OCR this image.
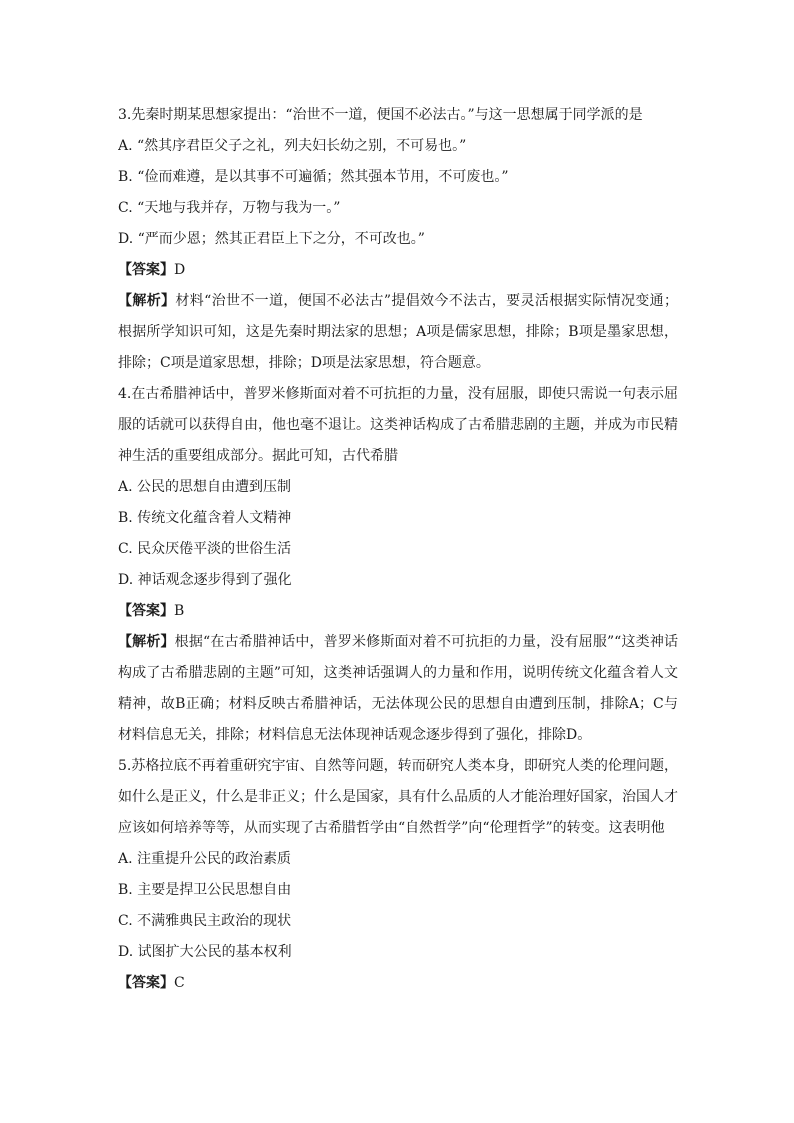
3.先秦时期某思想家提出：“治世不一道，便国不必法古。”与这一思想属于同学派的是
A. “然其序君臣父子之礼，列夫妇长幼之别，不可易也。”
B. “俭而难遵，是以其事不可遍循；然其强本节用，不可废也。”
C. “天地与我并存，万物与我为一。”
D. “严而少恩；然其正君臣上下之分，不可改也。”
【答案】D
【解析】材料“治世不一道，便国不必法古”提倡效今不法古，要灵活根据实际情况变通；根据所学知识可知，这是先秦时期法家的思想；A项是儒家思想，排除；B项是墨家思想，排除；C项是道家思想，排除；D项是法家思想，符合题意。
4.在古希腊神话中，普罗米修斯面对着不可抗拒的力量，没有屈服，即使只需说一句表示屈服的话就可以获得自由，他也毫不退让。这类神话构成了古希腊悲剧的主题，并成为市民精神生活的重要组成部分。据此可知，古代希腊
A. 公民的思想自由遭到压制
B. 传统文化蕴含着人文精神
C. 民众厌倦平淡的世俗生活
D. 神话观念逐步得到了强化
【答案】B
【解析】根据“在古希腊神话中，普罗米修斯面对着不可抗拒的力量，没有屈服”“这类神话构成了古希腊悲剧的主题”可知，这类神话强调人的力量和作用，说明传统文化蕴含着人文精神，故B正确；材料反映古希腊神话，无法体现公民的思想自由遭到压制，排除A；C与材料信息无关，排除；材料信息无法体现神话观念逐步得到了强化，排除D。
5.苏格拉底不再着重研究宇宙、自然等问题，转而研究人类本身，即研究人类的伦理问题，如什么是正义，什么是非正义；什么是国家，具有什么品质的人才能治理好国家，治国人才应该如何培养等等，从而实现了古希腊哲学由“自然哲学”向“伦理哲学”的转变。这表明他
A. 注重提升公民的政治素质
B. 主要是捍卫公民思想自由
C. 不满雅典民主政治的现状
D. 试图扩大公民的基本权利
【答案】C
